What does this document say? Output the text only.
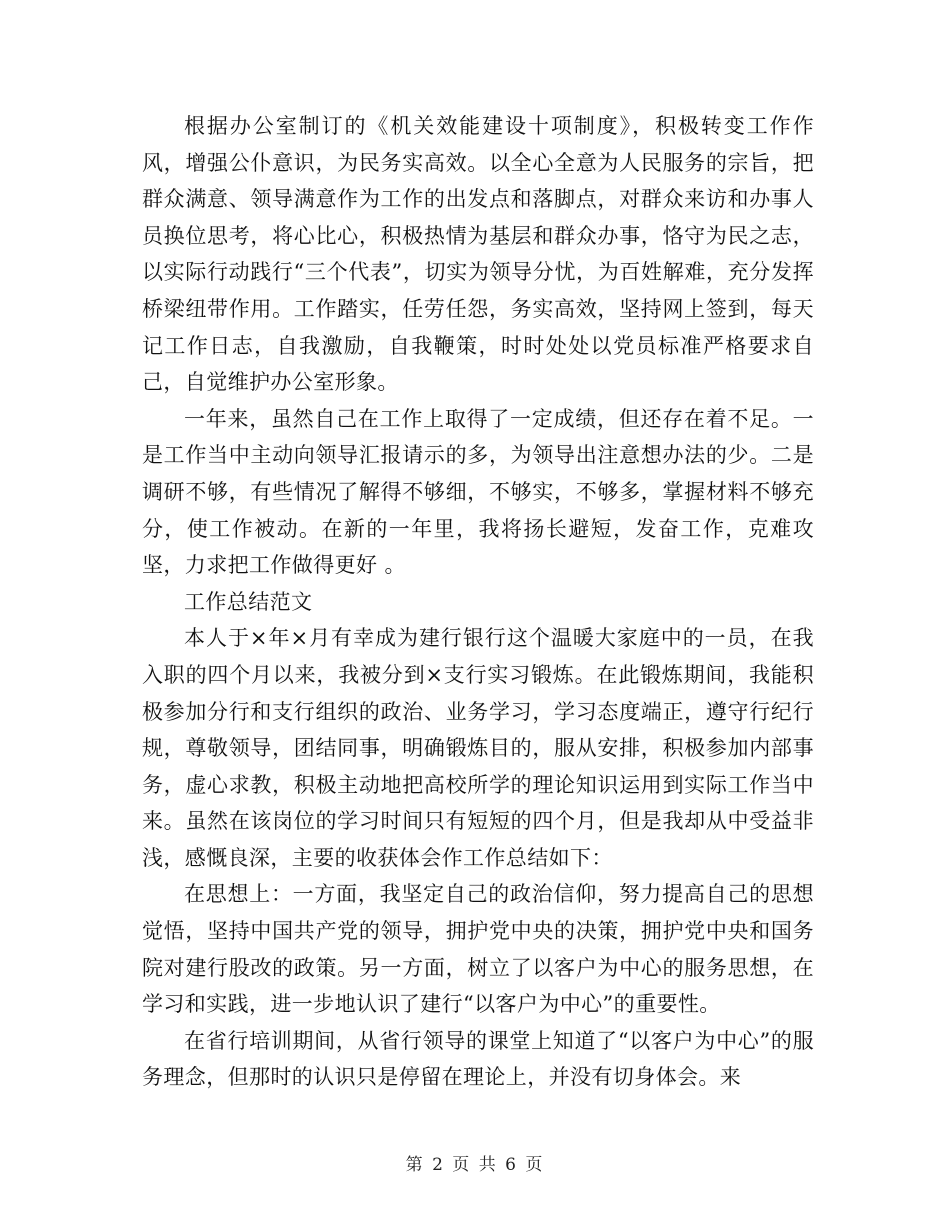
根据办公室制订的《机关效能建设十项制度》，积极转变工作作风，增强公仆意识，为民务实高效。以全心全意为人民服务的宗旨，把群众满意、领导满意作为工作的出发点和落脚点，对群众来访和办事人员换位思考，将心比心，积极热情为基层和群众办事，恪守为民之志，以实际行动践行“三个代表”，切实为领导分忧，为百姓解难，充分发挥桥梁纽带作用。工作踏实，任劳任怨，务实高效，坚持网上签到，每天记工作日志，自我激励，自我鞭策，时时处处以党员标准严格要求自己，自觉维护办公室形象。

一年来，虽然自己在工作上取得了一定成绩，但还存在着不足。一是工作当中主动向领导汇报请示的多，为领导出注意想办法的少。二是调研不够，有些情况了解得不够细，不够实，不够多，掌握材料不够充分，使工作被动。在新的一年里，我将扬长避短，发奋工作，克难攻坚，力求把工作做得更好 。

工作总结范文

本人于×年×月有幸成为建行银行这个温暖大家庭中的一员，在我入职的四个月以来，我被分到×支行实习锻炼。在此锻炼期间，我能积极参加分行和支行组织的政治、业务学习，学习态度端正，遵守行纪行规，尊敬领导，团结同事，明确锻炼目的，服从安排，积极参加内部事务，虚心求教，积极主动地把高校所学的理论知识运用到实际工作当中来。虽然在该岗位的学习时间只有短短的四个月，但是我却从中受益非浅，感慨良深，主要的收获体会作工作总结如下：

在思想上：一方面，我坚定自己的政治信仰，努力提高自己的思想觉悟，坚持中国共产党的领导，拥护党中央的决策，拥护党中央和国务院对建行股改的政策。另一方面，树立了以客户为中心的服务思想，在学习和实践，进一步地认识了建行“以客户为中心”的重要性。

在省行培训期间，从省行领导的课堂上知道了“以客户为中心”的服务理念，但那时的认识只是停留在理论上，并没有切身体会。来

第 2 页 共 6 页
